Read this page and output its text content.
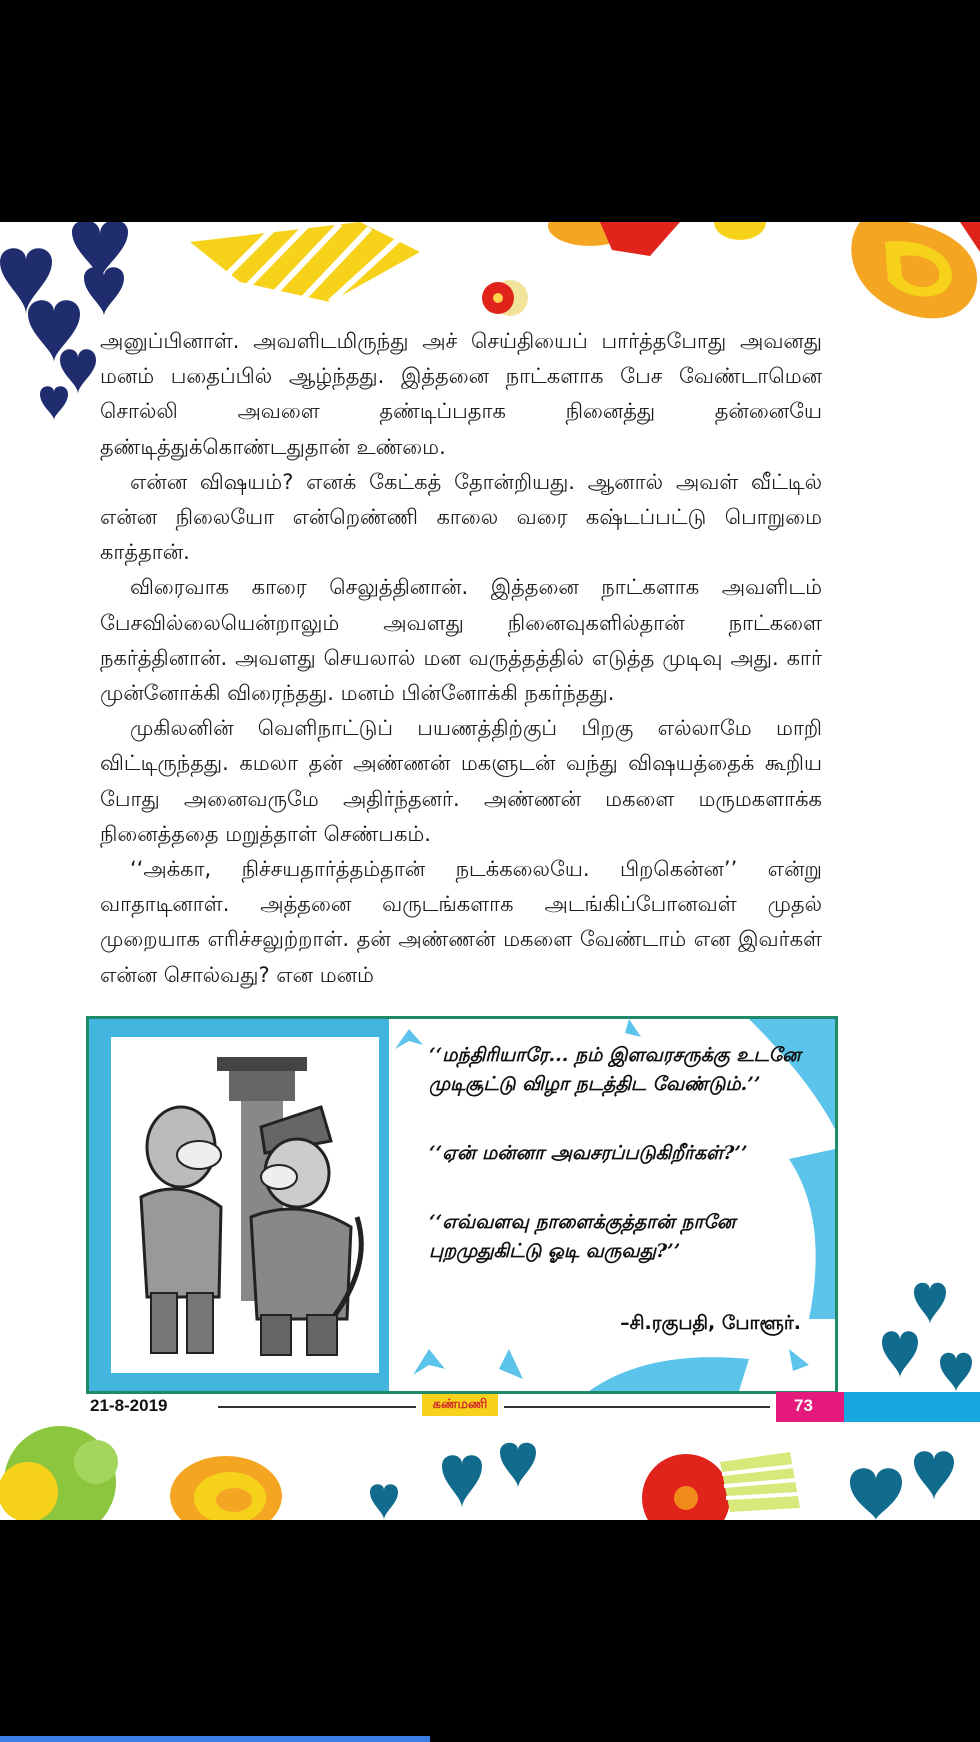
அனுப்பினாள். அவளிடமிருந்து அச் செய்தியைப் பார்த்தபோது அவனது மனம் பதைப்பில் ஆழ்ந்தது. இத்தனை நாட்களாக பேச வேண்டாமென சொல்லி அவளை தண்டிப்பதாக நினைத்து தன்னையே தண்டித்துக்கொண்டதுதான் உண்மை.

என்ன விஷயம்? எனக் கேட்கத் தோன்றியது. ஆனால் அவள் வீட்டில் என்ன நிலையோ என்றெண்ணி காலை வரை கஷ்டப்பட்டு பொறுமை காத்தான்.

விரைவாக காரை செலுத்தினான். இத்தனை நாட்களாக அவளிடம் பேசவில்லையென்றாலும் அவளது நினைவுகளில்தான் நாட்களை நகர்த்தினான். அவளது செயலால் மன வருத்தத்தில் எடுத்த முடிவு அது. கார் முன்னோக்கி விரைந்தது. மனம் பின்னோக்கி நகர்ந்தது.

முகிலனின் வெளிநாட்டுப் பயணத்திற்குப் பிறகு எல்லாமே மாறி விட்டிருந்தது. கமலா தன் அண்ணன் மகளுடன் வந்து விஷயத்தைக் கூறிய போது அனைவருமே அதிர்ந்தனர். அண்ணன் மகளை மருமகளாக்க நினைத்ததை மறுத்தாள் செண்பகம்.

‘‘அக்கா, நிச்சயதார்த்தம்தான் நடக்கலையே. பிறகென்ன’’ என்று வாதாடினாள். அத்தனை வருடங்களாக அடங்கிப்போனவள் முதல் முறையாக எரிச்சலுற்றாள். தன் அண்ணன் மகளை வேண்டாம் என இவர்கள் என்ன சொல்வது? என மனம்

‘‘மந்திரியாரே... நம் இளவரசருக்கு உடனே முடிசூட்டு விழா நடத்திட வேண்டும்.’’

‘‘ஏன் மன்னா அவசரப்படுகிறீர்கள்?’’

‘‘எவ்வளவு நாளைக்குத்தான் நானே புறமுதுகிட்டு ஓடி வருவது?’’

–சி.ரகுபதி, போளூர்.
21-8-2019	கண்மணி	73
